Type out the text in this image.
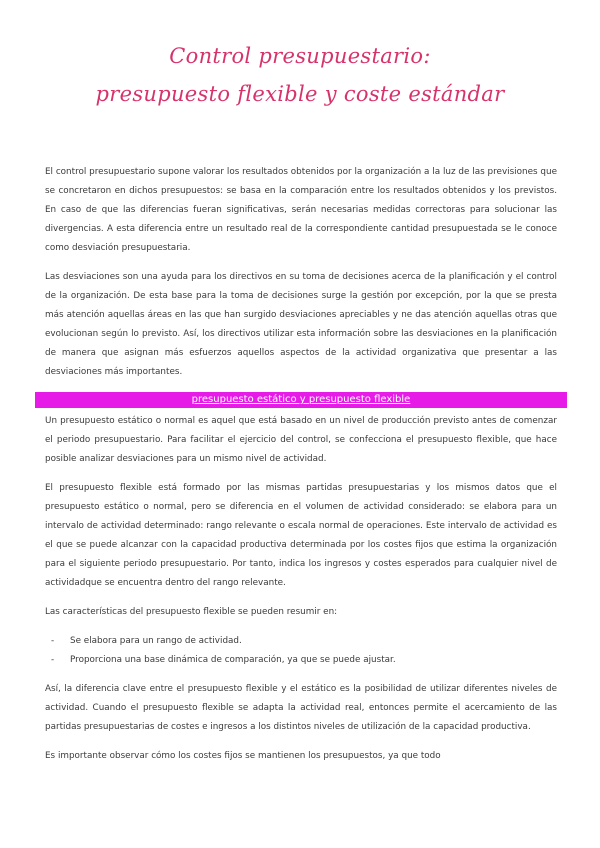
Control presupuestario:
presupuesto flexible y coste estándar

El control presupuestario supone valorar los resultados obtenidos por la organización a la luz de las previsiones que se concretaron en dichos presupuestos: se basa en la comparación entre los resultados obtenidos y los previstos. En caso de que las diferencias fueran significativas, serán necesarias medidas correctoras para solucionar las divergencias. A esta diferencia entre un resultado real de la correspondiente cantidad presupuestada se le conoce como desviación presupuestaria.

Las desviaciones son una ayuda para los directivos en su toma de decisiones acerca de la planificación y el control de la organización. De esta base para la toma de decisiones surge la gestión por excepción, por la que se presta más atención aquellas áreas en las que han surgido desviaciones apreciables y ne das atención aquellas otras que evolucionan según lo previsto. Así, los directivos utilizar esta información sobre las desviaciones en la planificación de manera que asignan más esfuerzos aquellos aspectos de la actividad organizativa que presentar a las desviaciones más importantes.

presupuesto estático y presupuesto flexible

Un presupuesto estático o normal es aquel que está basado en un nivel de producción previsto antes de comenzar el periodo presupuestario. Para facilitar el ejercicio del control, se confecciona el presupuesto flexible, que hace posible analizar desviaciones para un mismo nivel de actividad.

El presupuesto flexible está formado por las mismas partidas presupuestarias y los mismos datos que el presupuesto estático o normal, pero se diferencia en el volumen de actividad considerado: se elabora para un intervalo de actividad determinado: rango relevante o escala normal de operaciones. Este intervalo de actividad es el que se puede alcanzar con la capacidad productiva determinada por los costes fijos que estima la organización para el siguiente periodo presupuestario. Por tanto, indica los ingresos y costes esperados para cualquier nivel de actividadque se encuentra dentro del rango relevante.

Las características del presupuesto flexible se pueden resumir en:

- Se elabora para un rango de actividad.
- Proporciona una base dinámica de comparación, ya que se puede ajustar.

Así, la diferencia clave entre el presupuesto flexible y el estático es la posibilidad de utilizar diferentes niveles de actividad. Cuando el presupuesto flexible se adapta la actividad real, entonces permite el acercamiento de las partidas presupuestarias de costes e ingresos a los distintos niveles de utilización de la capacidad productiva.

Es importante observar cómo los costes fijos se mantienen los presupuestos, ya que todo
